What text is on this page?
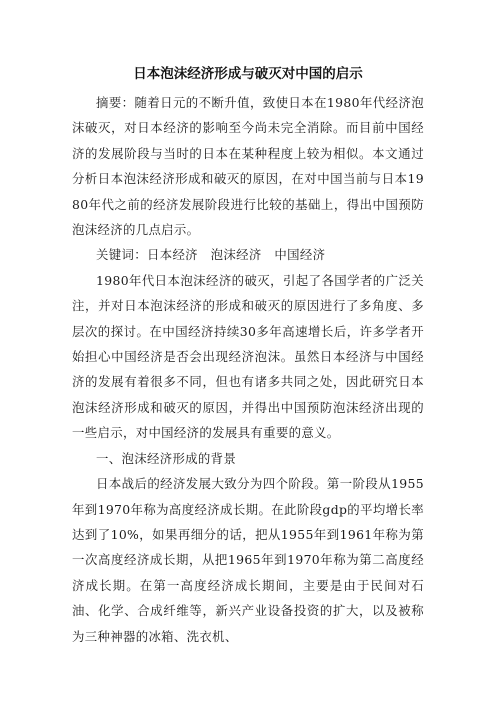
日本泡沫经济形成与破灭对中国的启示

摘要：随着日元的不断升值，致使日本在1980年代经济泡沫破灭，对日本经济的影响至今尚未完全消除。而目前中国经济的发展阶段与当时的日本在某种程度上较为相似。本文通过分析日本泡沫经济形成和破灭的原因，在对中国当前与日本1980年代之前的经济发展阶段进行比较的基础上，得出中国预防泡沫经济的几点启示。

关键词：日本经济　泡沫经济　中国经济

1980年代日本泡沫经济的破灭，引起了各国学者的广泛关注，并对日本泡沫经济的形成和破灭的原因进行了多角度、多层次的探讨。在中国经济持续30多年高速增长后，许多学者开始担心中国经济是否会出现经济泡沫。虽然日本经济与中国经济的发展有着很多不同，但也有诸多共同之处，因此研究日本泡沫经济形成和破灭的原因，并得出中国预防泡沫经济出现的一些启示，对中国经济的发展具有重要的意义。

一、泡沫经济形成的背景

日本战后的经济发展大致分为四个阶段。第一阶段从1955年到1970年称为高度经济成长期。在此阶段gdp的平均增长率达到了10%，如果再细分的话，把从1955年到1961年称为第一次高度经济成长期，从把1965年到1970年称为第二高度经济成长期。在第一高度经济成长期间，主要是由于民间对石油、化学、合成纤维等，新兴产业设备投资的扩大，以及被称为三种神器的冰箱、洗衣机、
